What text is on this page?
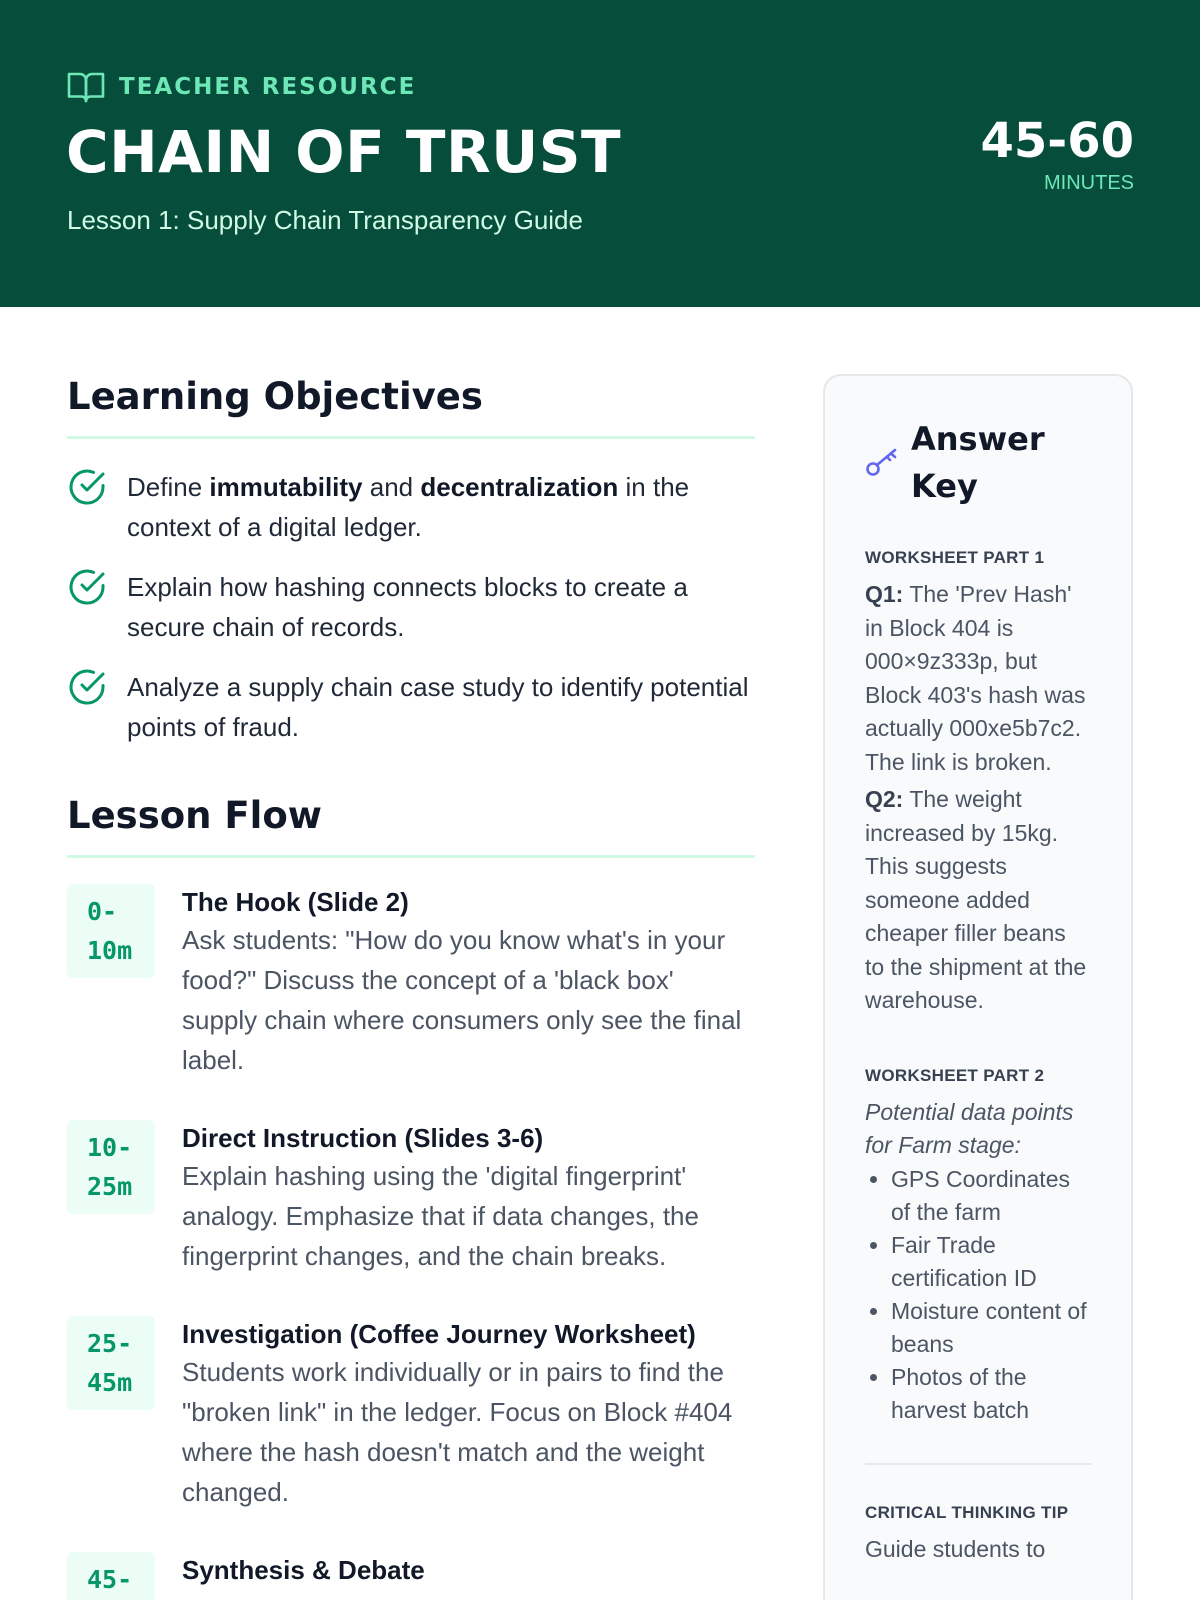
TEACHER RESOURCE
CHAIN OF TRUST
Lesson 1: Supply Chain Transparency Guide
45-60
MINUTES
Learning Objectives
Define immutability and decentralization in the context of a digital ledger.
Explain how hashing connects blocks to create a secure chain of records.
Analyze a supply chain case study to identify potential points of fraud.
Lesson Flow
0-
10m
The Hook (Slide 2)
Ask students: "How do you know what's in your food?" Discuss the concept of a 'black box' supply chain where consumers only see the final label.
10-
25m
Direct Instruction (Slides 3-6)
Explain hashing using the 'digital fingerprint' analogy. Emphasize that if data changes, the fingerprint changes, and the chain breaks.
25-
45m
Investigation (Coffee Journey Worksheet)
Students work individually or in pairs to find the "broken link" in the ledger. Focus on Block #404 where the hash doesn't match and the weight changed.
45-	Synthesis & Debate
Answer Key
WORKSHEET PART 1

Q1: The 'Prev Hash' in Block 404 is 000×9z333p, but Block 403's hash was actually 000xe5b7c2. The link is broken.

Q2: The weight increased by 15kg. This suggests someone added cheaper filler beans to the shipment at the warehouse.

WORKSHEET PART 2

Potential data points for Farm stage:

• GPS Coordinates of the farm
• Fair Trade certification ID
• Moisture content of beans
• Photos of the harvest batch
CRITICAL THINKING TIP

Guide students to
